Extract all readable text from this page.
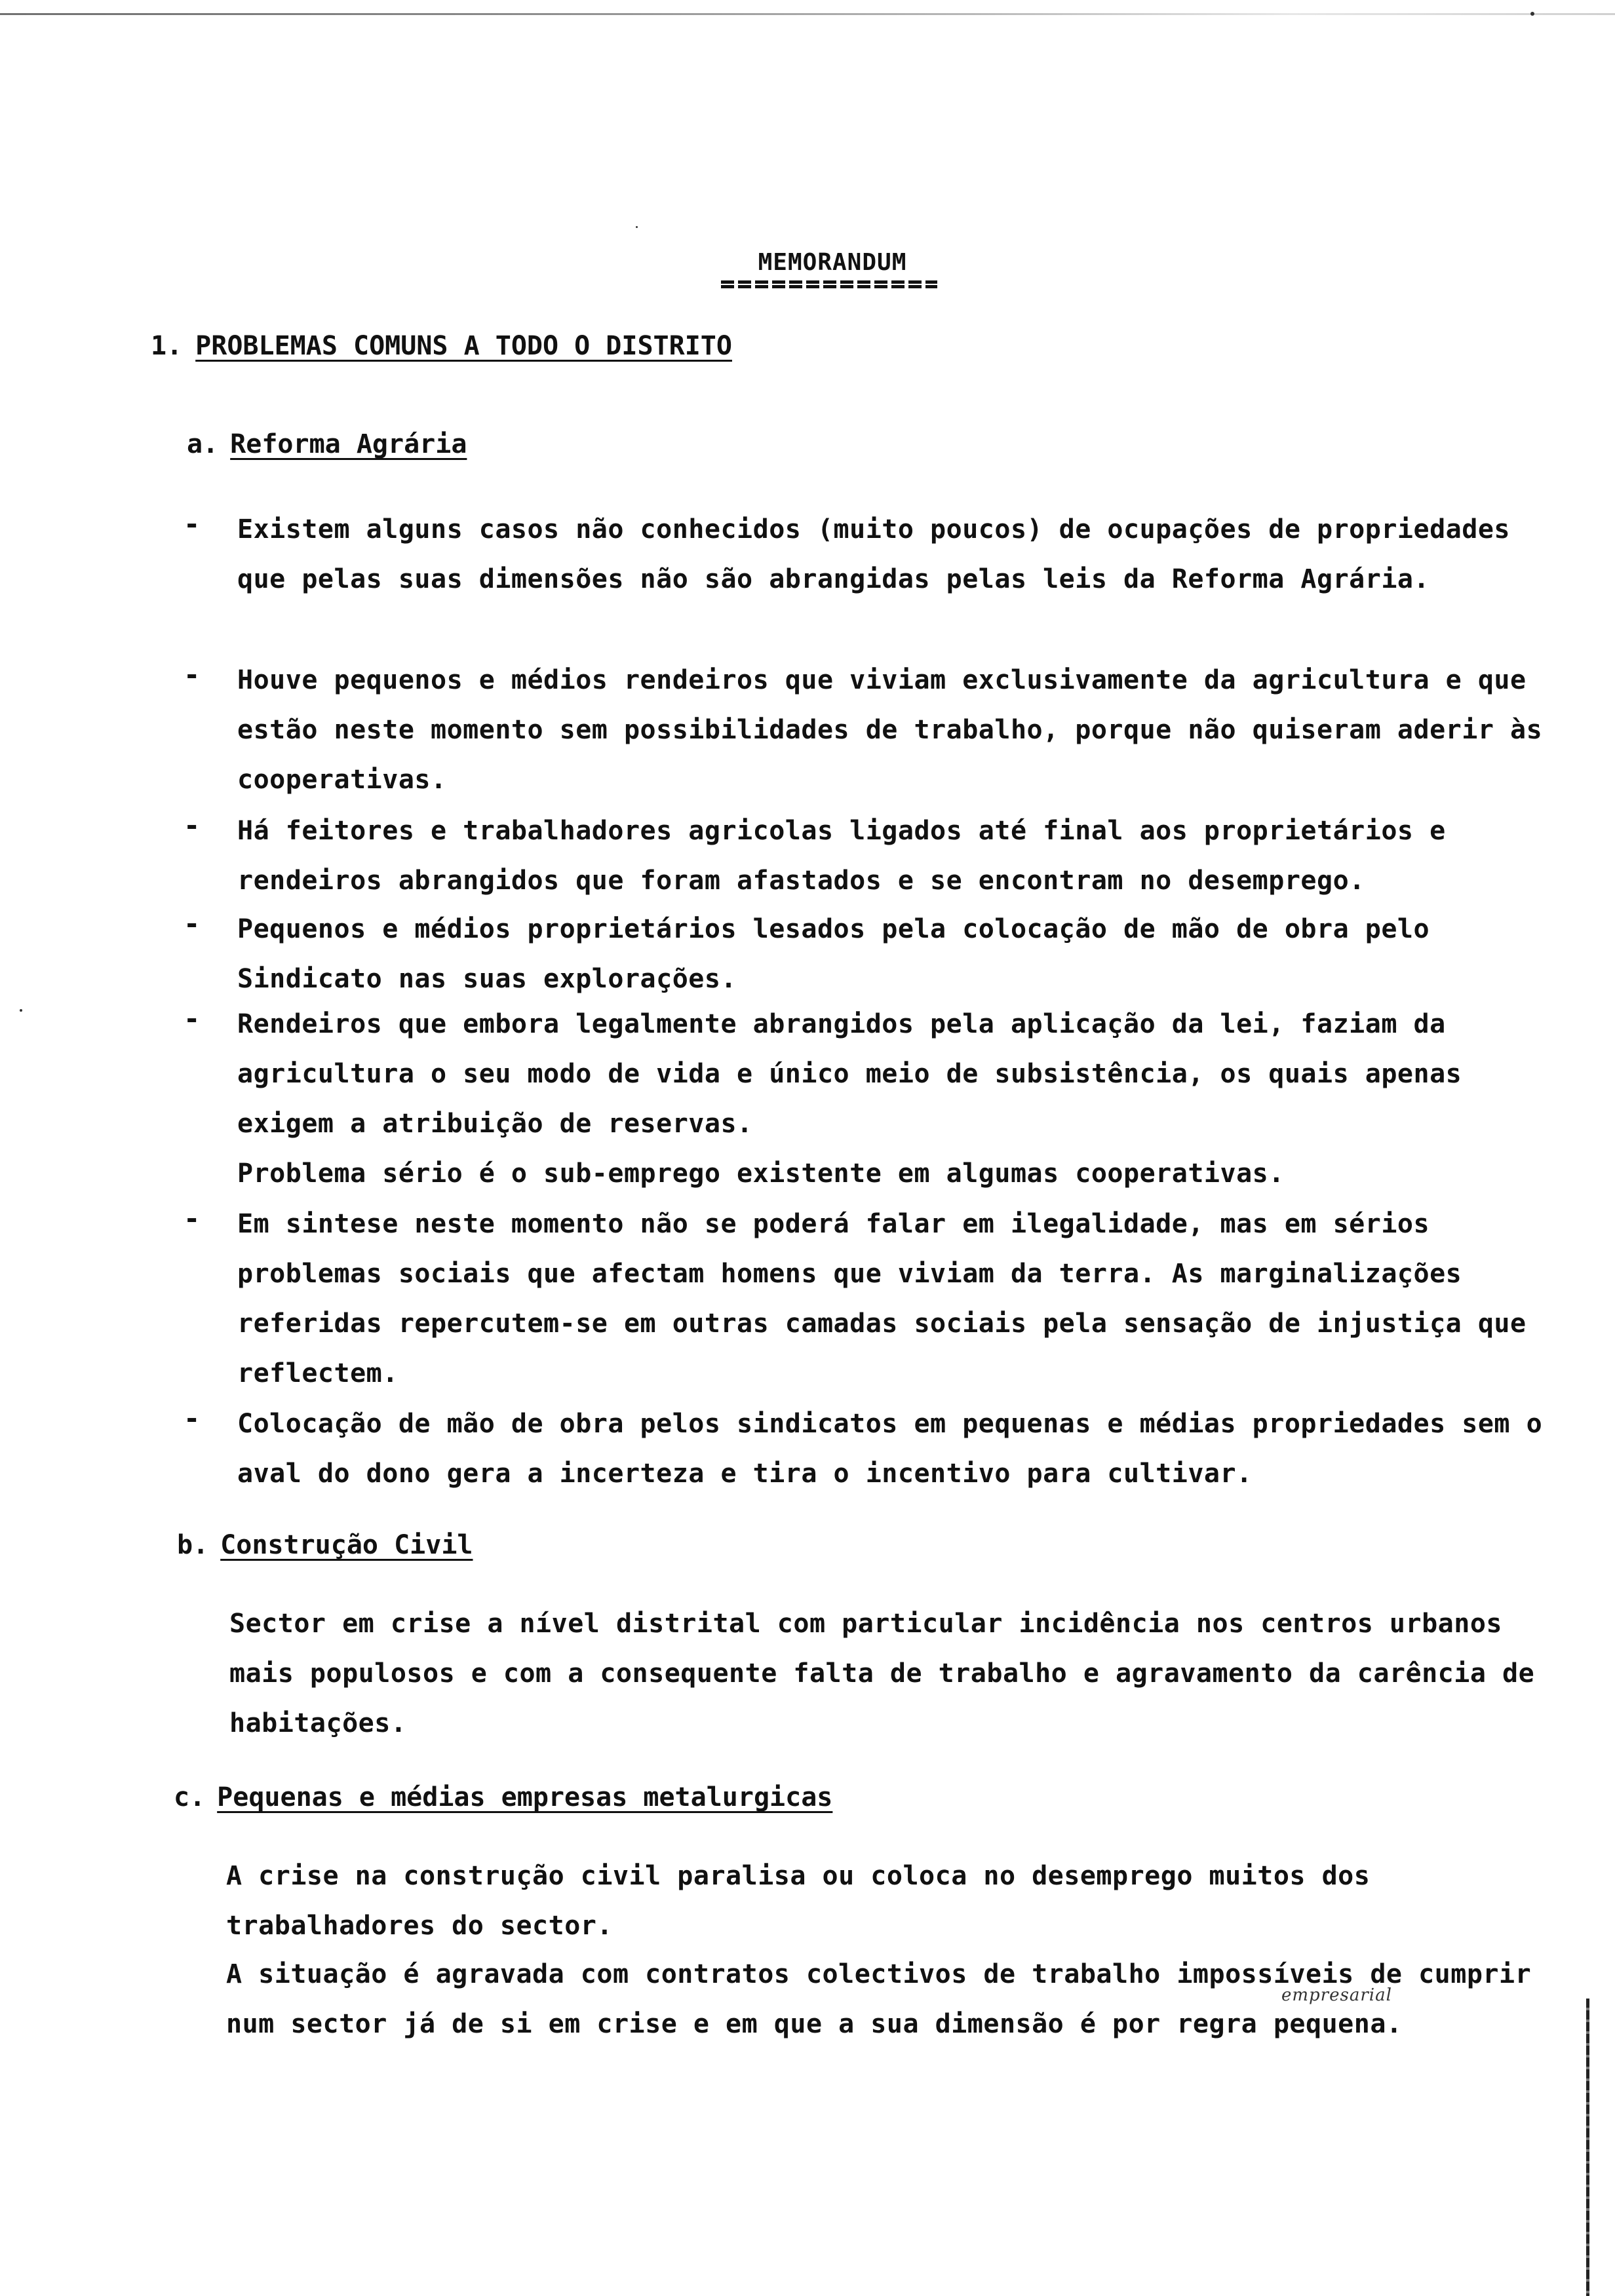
MEMORANDUM
1. PROBLEMAS COMUNS A TODO O DISTRITO
a. Reforma Agrária
- Existem alguns casos não conhecidos (muito poucos) de ocupações de propriedades que pelas suas dimensões não são abrangidas pelas leis da Reforma Agrária.

- Houve pequenos e médios rendeiros que viviam exclusivamente da agricultura e que estão neste momento sem possibilidades de trabalho, porque não quiseram aderir às cooperativas.

- Há feitores e trabalhadores agricolas ligados até final aos proprietários e rendeiros abrangidos que foram afastados e se encontram no desemprego.

- Pequenos e médios proprietários lesados pela colocação de mão de obra pelo Sindicato nas suas explorações.

- Rendeiros que embora legalmente abrangidos pela aplicação da lei, faziam da agricultura o seu modo de vida e único meio de subsistência, os quais apenas exigem a atribuição de reservas.

Problema sério é o sub-emprego existente em algumas cooperativas.

- Em sintese neste momento não se poderá falar em ilegalidade, mas em sérios problemas sociais que afectam homens que viviam da terra. As marginalizações referidas repercutem-se em outras camadas sociais pela sensação de injustiça que reflectem.

- Colocação de mão de obra pelos sindicatos em pequenas e médias propriedades sem o aval do dono gera a incerteza e tira o incentivo para cultivar.

b. Construção Civil

Sector em crise a nível distrital com particular incidência nos centros urbanos mais populosos e com a consequente falta de trabalho e agravamento da carência de habitações.

c. Pequenas e médias empresas metalurgicas

A crise na construção civil paralisa ou coloca no desemprego muitos dos trabalhadores do sector.

A situação é agravada com contratos colectivos de trabalho impossíveis de cumprir num sector já de si em crise e em que a sua dimensão é por regra pequena.

empresarial
